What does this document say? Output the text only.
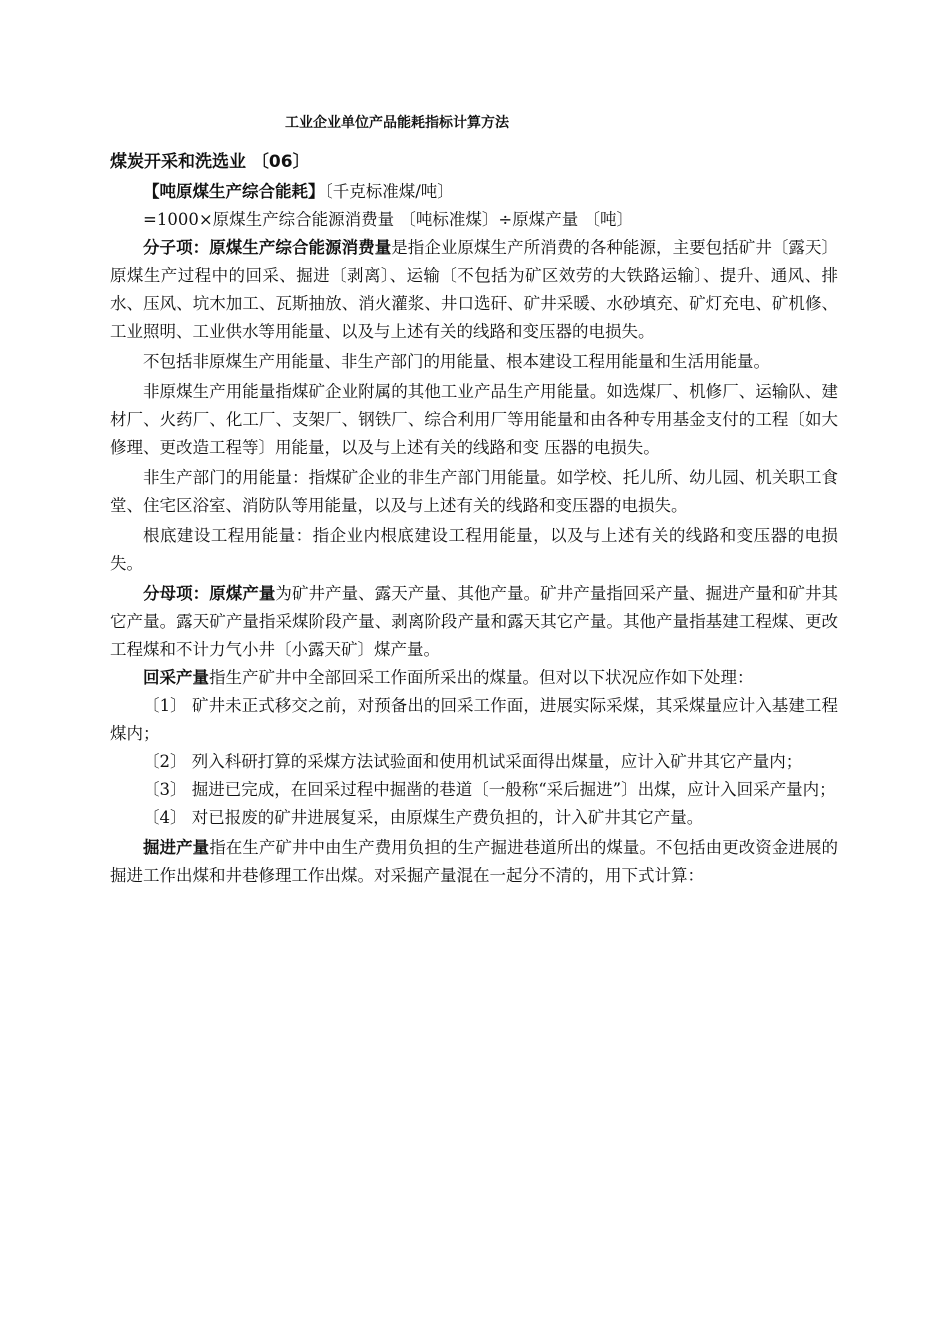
工业企业单位产品能耗指标计算方法
煤炭开采和洗选业 〔06〕

【吨原煤生产综合能耗】〔千克标准煤/吨〕

=1000×原煤生产综合能源消费量 〔吨标准煤〕÷原煤产量 〔吨〕

分子项：原煤生产综合能源消费量是指企业原煤生产所消费的各种能源，主要包括矿井〔露天〕原煤生产过程中的回采、掘进〔剥离〕、运输〔不包括为矿区效劳的大铁路运输〕、提升、通风、排水、压风、坑木加工、瓦斯抽放、消火灌浆、井口选矸、矿井采暖、水砂填充、矿灯充电、矿机修、工业照明、工业供水等用能量、以及与上述有关的线路和变压器的电损失。

不包括非原煤生产用能量、非生产部门的用能量、根本建设工程用能量和生活用能量。

非原煤生产用能量指煤矿企业附属的其他工业产品生产用能量。如选煤厂、机修厂、运输队、建材厂、火药厂、化工厂、支架厂、钢铁厂、综合利用厂等用能量和由各种专用基金支付的工程〔如大修理、更改造工程等〕用能量，以及与上述有关的线路和变 压器的电损失。

非生产部门的用能量：指煤矿企业的非生产部门用能量。如学校、托儿所、幼儿园、机关职工食堂、住宅区浴室、消防队等用能量，以及与上述有关的线路和变压器的电损失。

根底建设工程用能量：指企业内根底建设工程用能量，以及与上述有关的线路和变压器的电损失。

分母项：原煤产量为矿井产量、露天产量、其他产量。矿井产量指回采产量、掘进产量和矿井其它产量。露天矿产量指采煤阶段产量、剥离阶段产量和露天其它产量。其他产量指基建工程煤、更改工程煤和不计力气小井〔小露天矿〕煤产量。

回采产量指生产矿井中全部回采工作面所采出的煤量。但对以下状况应作如下处理：

〔1〕 矿井未正式移交之前，对预备出的回采工作面，进展实际采煤，其采煤量应计入基建工程煤内；

〔2〕 列入科研打算的采煤方法试验面和使用机试采面得出煤量，应计入矿井其它产量内；

〔3〕 掘进已完成，在回采过程中掘凿的巷道〔一般称“采后掘进”〕出煤，应计入回采产量内；

〔4〕 对已报废的矿井进展复采，由原煤生产费负担的，计入矿井其它产量。

掘进产量指在生产矿井中由生产费用负担的生产掘进巷道所出的煤量。不包括由更改资金进展的掘进工作出煤和井巷修理工作出煤。对采掘产量混在一起分不清的，用下式计算：
